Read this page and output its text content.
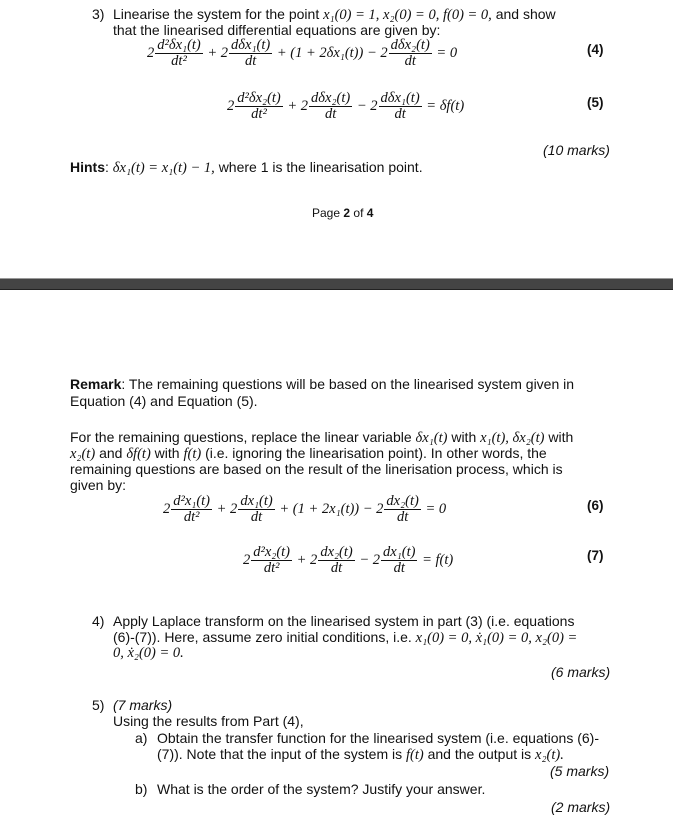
3) Linearise the system for the point x₁(0) = 1, x₂(0) = 0, f(0) = 0, and show
that the linearised differential equations are given by:
$2 \frac{\text{d²δx₁(t)}}{\text{dt²}} + 2 \frac{\text{dδx₁(t)}}{dt} + (1 + 2\delta x_1(t)) - 2 \frac{\text{dδx₂(t)}}{dt} = 0$	(4)
$2 \frac{\text{d²δx₂(t)}}{\text{dt²}} + 2 \frac{\text{dδx₂(t)}}{dt} - 2 \frac{\text{dδx₁(t)}}{dt} = \delta f(t)$	(5)
(10 marks)
Hints: δx₁(t) = x₁(t) − 1, where 1 is the linearisation point.
Page 2 of 4
Remark: The remaining questions will be based on the linearised system given in
Equation (4) and Equation (5).
For the remaining questions, replace the linear variable δx₁(t) with x₁(t), δx₂(t) with
x₂(t) and δf(t) with f(t) (i.e. ignoring the linearisation point). In other words, the
remaining questions are based on the result of the linerisation process, which is
given by:
$2 \frac{\text{d²x₁(t)}}{\text{dt²}} + 2 \frac{\text{dx₁(t)}}{dt} + (1 + 2x_1(t)) - 2 \frac{\text{dx₂(t)}}{dt} = 0$	(6)
$2 \frac{\text{d²x₂(t)}}{\text{dt²}} + 2 \frac{\text{dx₂(t)}}{dt} - 2 \frac{\text{dx₁(t)}}{dt} = f(t)$	(7)
4) Apply Laplace transform on the linearised system in part (3) (i.e. equations
(6)-(7)). Here, assume zero initial conditions, i.e. x₁(0) = 0, ẋ₁(0) = 0, x₂(0) =
0, ẋ₂(0) = 0.
(6 marks)
5) (7 marks)
Using the results from Part (4),
a) Obtain the transfer function for the linearised system (i.e. equations (6)-
(7)). Note that the input of the system is f(t) and the output is x₂(t).
(5 marks)
b) What is the order of the system? Justify your answer.
(2 marks)
